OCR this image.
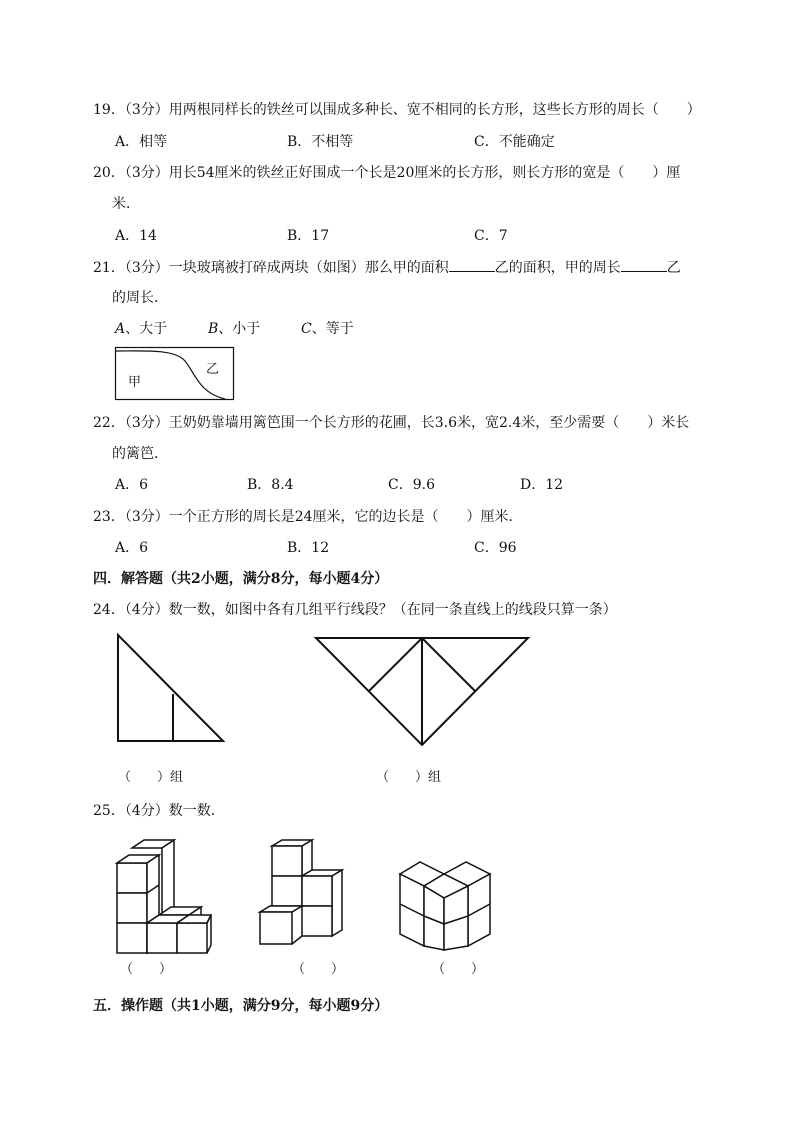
19．（3分）用两根同样长的铁丝可以围成多种长、宽不相同的长方形，这些长方形的周长（　　）
A．相等	B．不相等	C．不能确定
20．（3分）用长54厘米的铁丝正好围成一个长是20厘米的长方形，则长方形的宽是（　　）厘
米．
A．14	B．17	C．7
21．（3分）一块玻璃被打碎成两块（如图）那么甲的面积	乙的面积，甲的周长	乙
的周长．
A、大于	B、小于	C、等于
甲
乙
22．（3分）王奶奶靠墙用篱笆围一个长方形的花圃，长3.6米，宽2.4米，至少需要（　　）米长
的篱笆．
A．6	B．8.4	C．9.6	D．12
23．（3分）一个正方形的周长是24厘米，它的边长是（　　）厘米．
A．6	B．12	C．96
四．解答题（共2小题，满分8分，每小题4分）
24．（4分）数一数，如图中各有几组平行线段？（在同一条直线上的线段只算一条）
（　　）组	（　　）组
25．（4分）数一数．
（　　）	（　　）	（　　）
五．操作题（共1小题，满分9分，每小题9分）
